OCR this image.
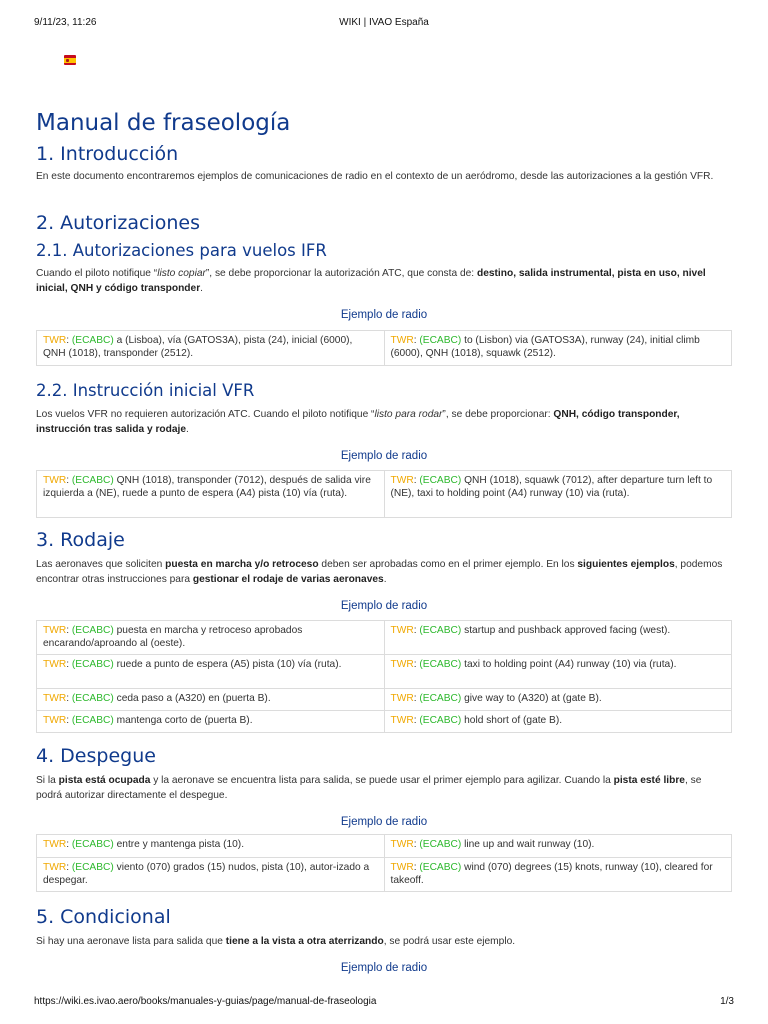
9/11/23, 11:26	WIKI | IVAO España
Manual de fraseología
1. Introducción

En este documento encontraremos ejemplos de comunicaciones de radio en el contexto de un aeródromo, desde las autorizaciones a la gestión VFR.

2. Autorizaciones
2.1. Autorizaciones para vuelos IFR

Cuando el piloto notifique “listo copiar”, se debe proporcionar la autorización ATC, que consta de: destino, salida instrumental, pista en uso, nivel inicial, QNH y código transponder.

Ejemplo de radio
TWR: (ECABC) a (Lisboa), vía (GATOS3A), pista (24), inicial (6000), QNH (1018), transponder (2512).	TWR: (ECABC) to (Lisbon) via (GATOS3A), runway (24), initial climb (6000), QNH (1018), squawk (2512).
2.2. Instrucción inicial VFR

Los vuelos VFR no requieren autorización ATC. Cuando el piloto notifique “listo para rodar”, se debe proporcionar: QNH, código transponder, instrucción tras salida y rodaje.

Ejemplo de radio
TWR: (ECABC) QNH (1018), transponder (7012), después de salida vire izquierda a (NE), ruede a punto de espera (A4) pista (10) vía (ruta).	TWR: (ECABC) QNH (1018), squawk (7012), after departure turn left to (NE), taxi to holding point (A4) runway (10) via (ruta).
3. Rodaje

Las aeronaves que soliciten puesta en marcha y/o retroceso deben ser aprobadas como en el primer ejemplo. En los siguientes ejemplos, podemos encontrar otras instrucciones para gestionar el rodaje de varias aeronaves.

Ejemplo de radio
TWR: (ECABC) puesta en marcha y retroceso aprobados encarando/aproando al (oeste).	TWR: (ECABC) startup and pushback approved facing (west).
TWR: (ECABC) ruede a punto de espera (A5) pista (10) vía (ruta).	TWR: (ECABC) taxi to holding point (A4) runway (10) via (ruta).
TWR: (ECABC) ceda paso a (A320) en (puerta B).	TWR: (ECABC) give way to (A320) at (gate B).
TWR: (ECABC) mantenga corto de (puerta B).	TWR: (ECABC) hold short of (gate B).
4. Despegue

Si la pista está ocupada y la aeronave se encuentra lista para salida, se puede usar el primer ejemplo para agilizar. Cuando la pista esté libre, se podrá autorizar directamente el despegue.

Ejemplo de radio
TWR: (ECABC) entre y mantenga pista (10).	TWR: (ECABC) line up and wait runway (10).
TWR: (ECABC) viento (070) grados (15) nudos, pista (10), autor-izado a despegar.	TWR: (ECABC) wind (070) degrees (15) knots, runway (10), cleared for takeoff.
5. Condicional

Si hay una aeronave lista para salida que tiene a la vista a otra aterrizando, se podrá usar este ejemplo.

Ejemplo de radio
https://wiki.es.ivao.aero/books/manuales-y-guias/page/manual-de-fraseologia	1/3
